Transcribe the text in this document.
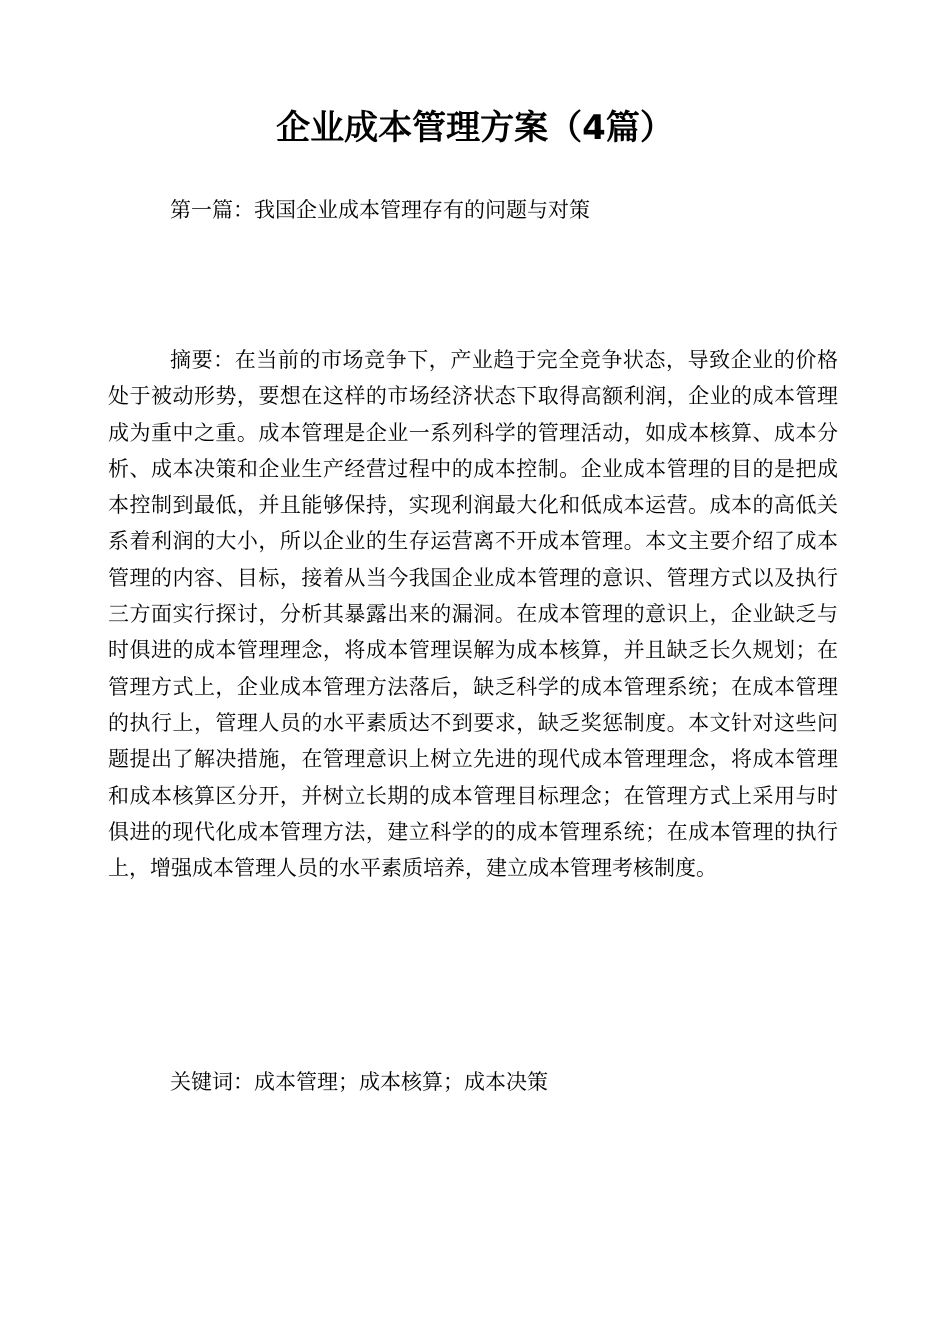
企业成本管理方案（4篇）

第一篇：我国企业成本管理存有的问题与对策

摘要：在当前的市场竞争下，产业趋于完全竞争状态，导致企业的价格处于被动形势，要想在这样的市场经济状态下取得高额利润，企业的成本管理成为重中之重。成本管理是企业一系列科学的管理活动，如成本核算、成本分析、成本决策和企业生产经营过程中的成本控制。企业成本管理的目的是把成本控制到最低，并且能够保持，实现利润最大化和低成本运营。成本的高低关系着利润的大小，所以企业的生存运营离不开成本管理。本文主要介绍了成本管理的内容、目标，接着从当今我国企业成本管理的意识、管理方式以及执行三方面实行探讨，分析其暴露出来的漏洞。在成本管理的意识上，企业缺乏与时俱进的成本管理理念，将成本管理误解为成本核算，并且缺乏长久规划；在管理方式上，企业成本管理方法落后，缺乏科学的成本管理系统；在成本管理的执行上，管理人员的水平素质达不到要求，缺乏奖惩制度。本文针对这些问题提出了解决措施，在管理意识上树立先进的现代成本管理理念，将成本管理和成本核算区分开，并树立长期的成本管理目标理念；在管理方式上采用与时俱进的现代化成本管理方法，建立科学的的成本管理系统；在成本管理的执行上，增强成本管理人员的水平素质培养，建立成本管理考核制度。

关键词：成本管理；成本核算；成本决策
